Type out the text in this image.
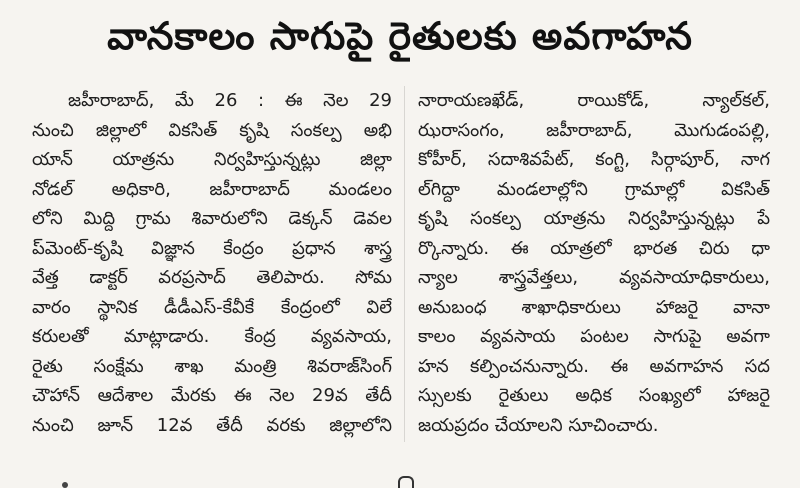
వానకాలం సాగుపై రైతులకు అవగాహన
జహీరాబాద్‌, మే 26 : ఈ నెల 29
నుంచి జిల్లాలో వికసిత్‌ కృషి సంకల్ప అభి
యాన్‌ యాత్రను నిర్వహిస్తున్నట్లు జిల్లా
నోడల్‌ అధికారి, జహీరాబాద్‌ మండలం
లోని మిద్ది గ్రామ శివారులోని డెక్కన్‌ డెవల
ప్‌మెంట్‌-కృషి విజ్ఞాన కేంద్రం ప్రధాన శాస్త్ర
వేత్త డాక్టర్‌ వరప్రసాద్‌ తెలిపారు. సోమ
వారం స్థానిక డీడీఎస్‌-కేవీకే కేంద్రంలో విలే
కరులతో మాట్లాడారు. కేంద్ర వ్యవసాయ,
రైతు సంక్షేమ శాఖ మంత్రి శివరాజ్‌సింగ్‌
చౌహాన్‌ ఆదేశాల మేరకు ఈ నెల 29వ తేదీ
నుంచి జూన్‌ 12వ తేదీ వరకు జిల్లాలోని
నారాయణఖేడ్‌, రాయికోడ్‌, న్యాల్‌కల్‌,
ఝరాసంగం, జహీరాబాద్‌, మొగుడంపల్లి,
కోహీర్‌, సదాశివపేట్‌, కంగ్టి, సిర్గాపూర్‌, నాగ
ల్‌గిద్దా మండలాల్లోని గ్రామాల్లో వికసిత్‌
కృషి సంకల్ప యాత్రను నిర్వహిస్తున్నట్లు పే
ర్కొన్నారు. ఈ యాత్రలో భారత చిరు ధా
న్యాల శాస్త్రవేత్తలు, వ్యవసాయాధికారులు,
అనుబంధ శాఖాధికారులు హాజరై వానా
కాలం వ్యవసాయ పంటల సాగుపై అవగా
హన కల్పించనున్నారు. ఈ అవగాహన సద
స్సులకు రైతులు అధిక సంఖ్యలో హాజరై
జయప్రదం చేయాలని సూచించారు.
